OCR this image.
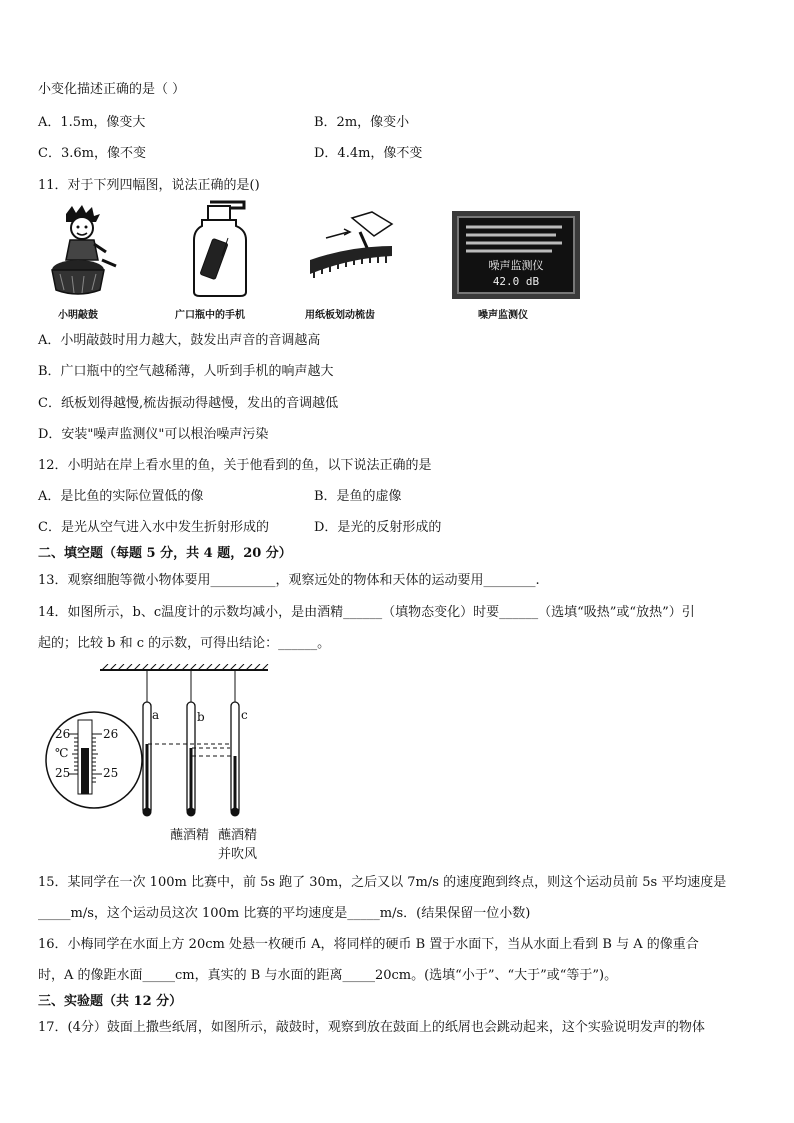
小变化描述正确的是（ ）
A．1.5m，像变大	B．2m，像变小
C．3.6m，像不变	D．4.4m，像不变
11．对于下列四幅图，说法正确的是()
小明敲鼓	广口瓶中的手机	用纸板划动梳齿
噪声监测仪
42.0 dB
噪声监测仪
A．小明敲鼓时用力越大，鼓发出声音的音调越高
B．广口瓶中的空气越稀薄，人听到手机的响声越大
C．纸板划得越慢,梳齿振动得越慢，发出的音调越低
D．安装"噪声监测仪"可以根治噪声污染
12．小明站在岸上看水里的鱼，关于他看到的鱼，以下说法正确的是
A．是比鱼的实际位置低的像	B．是鱼的虚像
C．是光从空气进入水中发生折射形成的	D．是光的反射形成的
二、填空题（每题 5 分，共 4 题，20 分）
13．观察细胞等微小物体要用__________，观察远处的物体和天体的运动要用________.
14．如图所示，b、c温度计的示数均减小，是由酒精______（填物态变化）时要______（选填“吸热”或“放热”）引
起的；比较 b 和 c 的示数，可得出结论：______。
a	b	c
26	26
℃
25	25
蘸酒精 蘸酒精
并吹风
15．某同学在一次 100m 比赛中，前 5s 跑了 30m，之后又以 7m/s 的速度跑到终点，则这个运动员前 5s 平均速度是
_____m/s，这个运动员这次 100m 比赛的平均速度是_____m/s．(结果保留一位小数)
16．小梅同学在水面上方 20cm 处悬一枚硬币 A，将同样的硬币 B 置于水面下，当从水面上看到 B 与 A 的像重合
时，A 的像距水面_____cm，真实的 B 与水面的距离_____20cm。(选填“小于”、“大于”或“等于”)。
三、实验题（共 12 分）
17．(4分）鼓面上撒些纸屑，如图所示，敲鼓时，观察到放在鼓面上的纸屑也会跳动起来，这个实验说明发声的物体
